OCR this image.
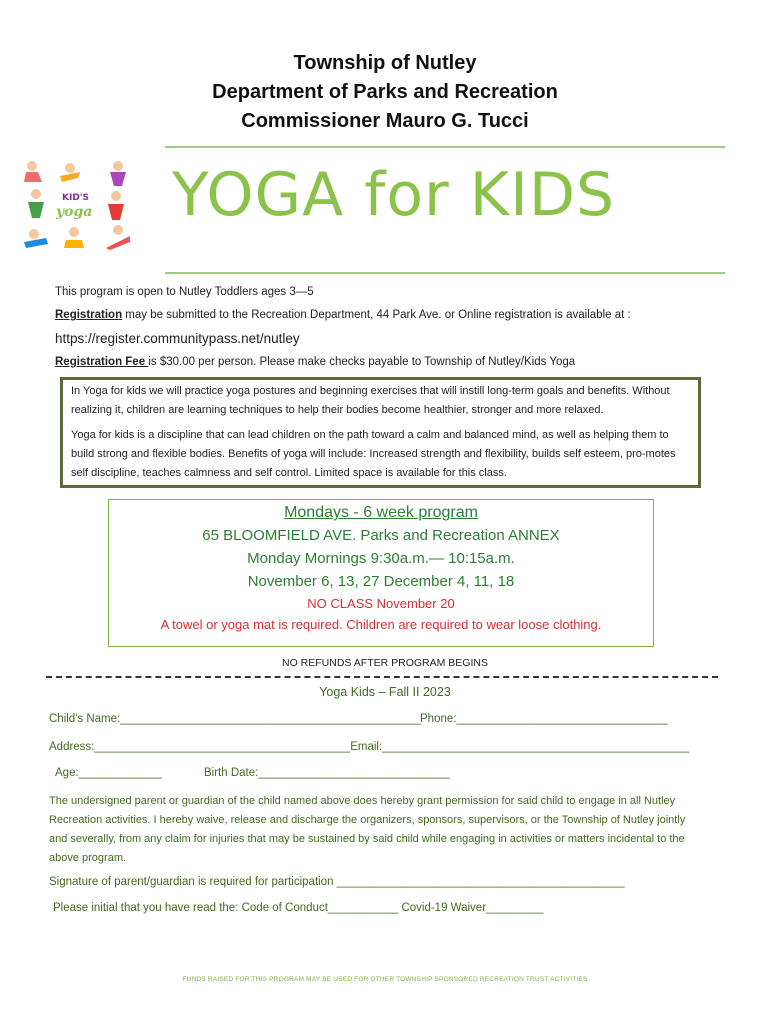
Township of Nutley
Department of Parks and Recreation
Commissioner Mauro G. Tucci
KID'S
yoga YOGA for KIDS
This program is open to Nutley Toddlers ages 3—5
Registration may be submitted to the Recreation Department, 44 Park Ave. or Online registration is available at :
https://register.communitypass.net/nutley
Registration Fee is $30.00 per person. Please make checks payable to Township of Nutley/Kids Yoga

In Yoga for kids we will practice yoga postures and beginning exercises that will instill long-term goals and benefits. Without realizing it, children are learning techniques to help their bodies become healthier, stronger and more relaxed.

Yoga for kids is a discipline that can lead children on the path toward a calm and balanced mind, as well as helping them to build strong and flexible bodies. Benefits of yoga will include: Increased strength and flexibility, builds self esteem, pro-motes self discipline, teaches calmness and self control. Limited space is available for this class.

Mondays - 6 week program
65 BLOOMFIELD AVE. Parks and Recreation ANNEX
Monday Mornings 9:30a.m.— 10:15a.m.
November 6, 13, 27 December 4, 11, 18
NO CLASS November 20
A towel or yoga mat is required. Children are required to wear loose clothing.
NO REFUNDS AFTER PROGRAM BEGINS
Yoga Kids – Fall II 2023
Child's Name:_______________________________________________ Phone:_________________________________
Address:________________________________________Email:________________________________________________
Age:_____________	Birth Date:______________________________
The undersigned parent or guardian of the child named above does hereby grant permission for said child to engage in all Nutley Recreation activities. I hereby waive, release and discharge the organizers, sponsors, supervisors, or the Township of Nutley jointly and severally, from any claim for injuries that may be sustained by said child while engaging in activities or matters incidental to the above program.
Signature of parent/guardian is required for participation _____________________________________________
Please initial that you have read the: Code of Conduct___________ Covid-19 Waiver_________
FUNDS RAISED FOR THIS PROGRAM MAY BE USED FOR OTHER TOWNSHIP SPONSORED RECREATION TRUST ACTIVITIES
